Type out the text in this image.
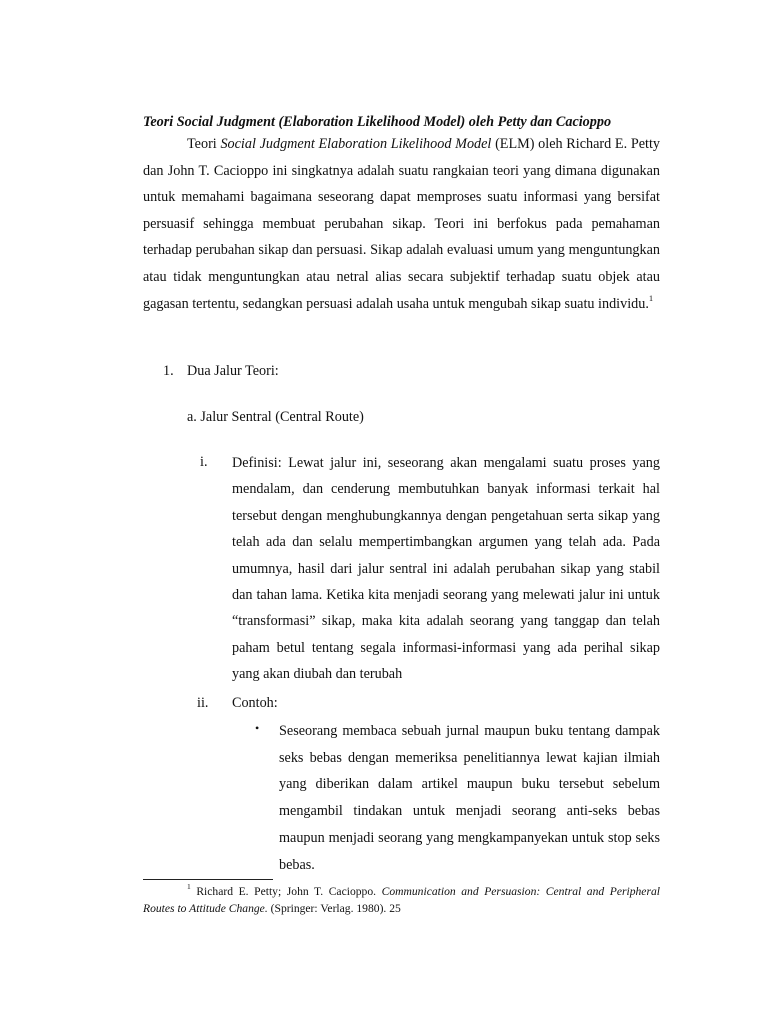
Teori Social Judgment (Elaboration Likelihood Model) oleh Petty dan Cacioppo
Teori Social Judgment Elaboration Likelihood Model (ELM) oleh Richard E. Petty dan John T. Cacioppo ini singkatnya adalah suatu rangkaian teori yang dimana digunakan untuk memahami bagaimana seseorang dapat memproses suatu informasi yang bersifat persuasif sehingga membuat perubahan sikap. Teori ini berfokus pada pemahaman terhadap perubahan sikap dan persuasi. Sikap adalah evaluasi umum yang menguntungkan atau tidak menguntungkan atau netral alias secara subjektif terhadap suatu objek atau gagasan tertentu, sedangkan persuasi adalah usaha untuk mengubah sikap suatu individu.$^1$
1. Dua Jalur Teori:
a. Jalur Sentral (Central Route)
i. Definisi: Lewat jalur ini, seseorang akan mengalami suatu proses yang mendalam, dan cenderung membutuhkan banyak informasi terkait hal tersebut dengan menghubungkannya dengan pengetahuan serta sikap yang telah ada dan selalu mempertimbangkan argumen yang telah ada. Pada umumnya, hasil dari jalur sentral ini adalah perubahan sikap yang stabil dan tahan lama. Ketika kita menjadi seorang yang melewati jalur ini untuk “transformasi” sikap, maka kita adalah seorang yang tanggap dan telah paham betul tentang segala informasi-informasi yang ada perihal sikap yang akan diubah dan terubah
ii. Contoh:
• Seseorang membaca sebuah jurnal maupun buku tentang dampak seks bebas dengan memeriksa penelitiannya lewat kajian ilmiah yang diberikan dalam artikel maupun buku tersebut sebelum mengambil tindakan untuk menjadi seorang anti-seks bebas maupun menjadi seorang yang mengkampanyekan untuk stop seks bebas.
$^1$ Richard E. Petty; John T. Cacioppo. Communication and Persuasion: Central and Peripheral Routes to Attitude Change. (Springer: Verlag. 1980). 25
